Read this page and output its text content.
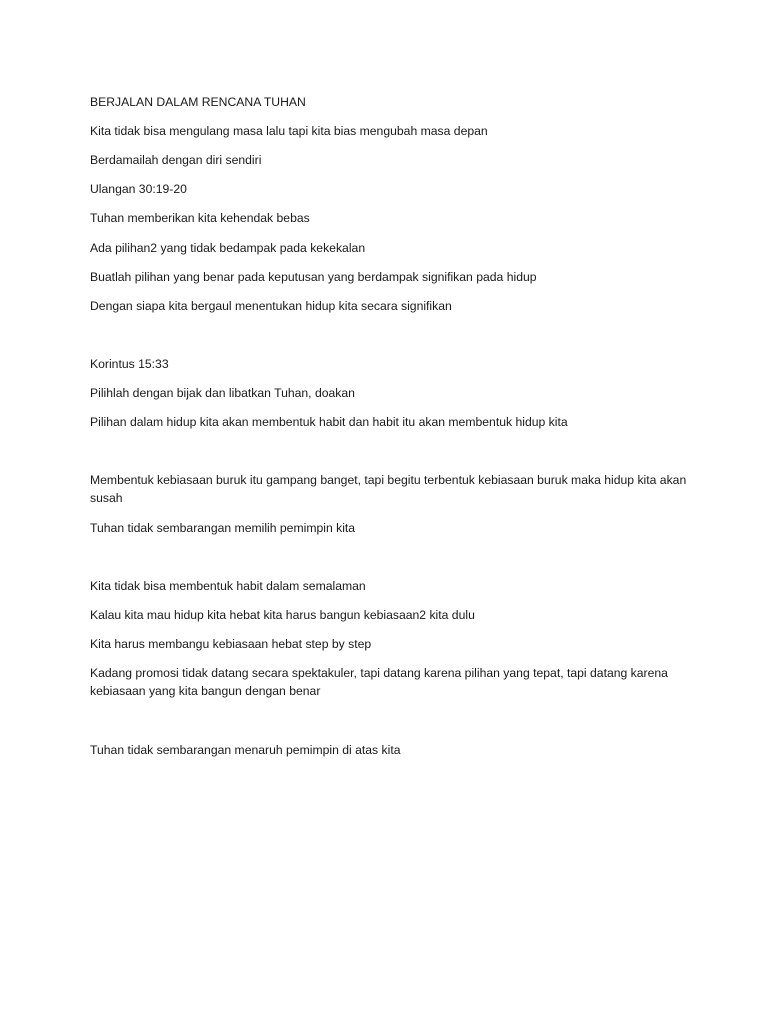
BERJALAN DALAM RENCANA TUHAN
Kita tidak bisa mengulang masa lalu tapi kita bias mengubah masa depan
Berdamailah dengan diri sendiri
Ulangan 30:19-20
Tuhan memberikan kita kehendak bebas
Ada pilihan2 yang tidak bedampak pada kekekalan
Buatlah pilihan yang benar pada keputusan yang berdampak signifikan pada hidup
Dengan siapa kita bergaul menentukan hidup kita secara signifikan
Korintus 15:33
Pilihlah dengan bijak dan libatkan Tuhan, doakan
Pilihan dalam hidup kita akan membentuk habit dan habit itu akan membentuk hidup kita
Membentuk kebiasaan buruk itu gampang banget, tapi begitu terbentuk kebiasaan buruk maka hidup kita akan susah
Tuhan tidak sembarangan memilih pemimpin kita
Kita tidak bisa membentuk habit dalam semalaman
Kalau kita mau hidup kita hebat kita harus bangun kebiasaan2 kita dulu
Kita harus membangu kebiasaan hebat step by step
Kadang promosi tidak datang secara spektakuler, tapi datang karena pilihan yang tepat, tapi datang karena kebiasaan yang kita bangun dengan benar
Tuhan tidak sembarangan menaruh pemimpin di atas kita
